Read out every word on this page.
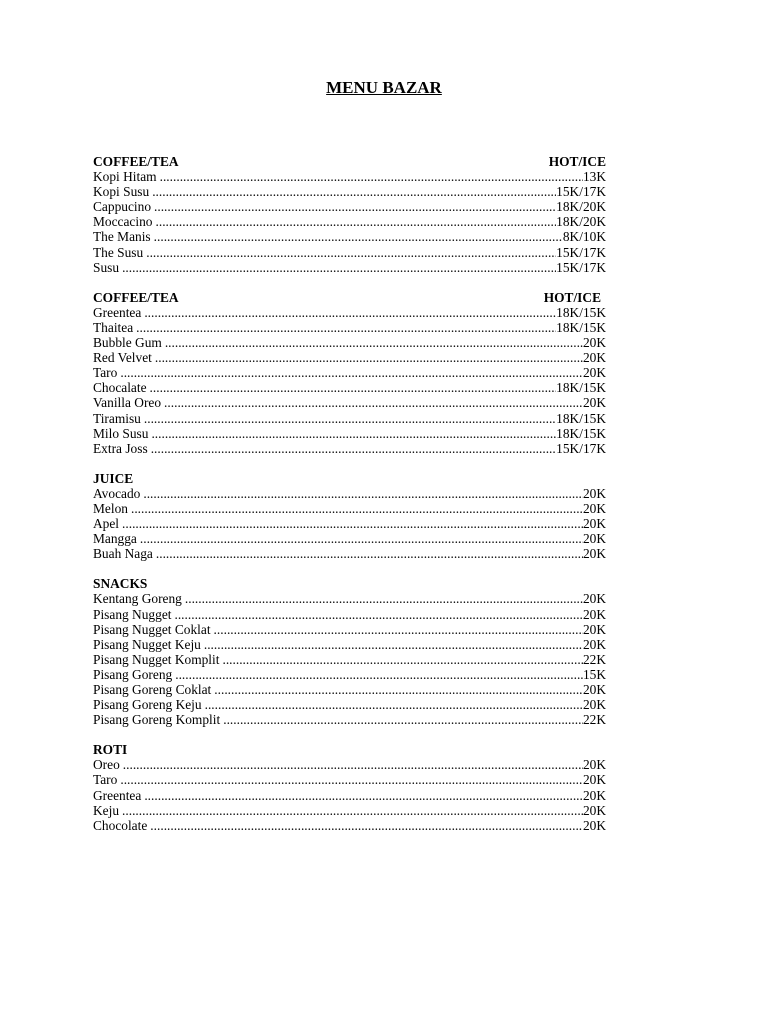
MENU BAZAR
COFFEE/TEA	HOT/ICE
Kopi Hitam .....	13K
Kopi Susu .....	15K/17K
Cappucino .....	18K/20K
Moccacino .....	18K/20K
The Manis .....	8K/10K
The Susu .....	15K/17K
Susu .....	15K/17K
COFFEE/TEA	HOT/ICE
Greentea .....	18K/15K
Thaitea .....	18K/15K
Bubble Gum .....	20K
Red Velvet .....	20K
Taro .....	20K
Chocalate .....	18K/15K
Vanilla Oreo .....	20K
Tiramisu .....	18K/15K
Milo Susu .....	18K/15K
Extra Joss .....	15K/17K
JUICE
Avocado .....	20K
Melon .....	20K
Apel .....	20K
Mangga .....	20K
Buah Naga .....	20K
SNACKS
Kentang Goreng .....	20K
Pisang Nugget .....	20K
Pisang Nugget Coklat .....	20K
Pisang Nugget Keju .....	20K
Pisang Nugget Komplit .....	22K
Pisang Goreng .....	15K
Pisang Goreng Coklat .....	20K
Pisang Goreng Keju .....	20K
Pisang Goreng Komplit .....	22K
ROTI
Oreo .....	20K
Taro .....	20K
Greentea .....	20K
Keju .....	20K
Chocolate .....	20K
